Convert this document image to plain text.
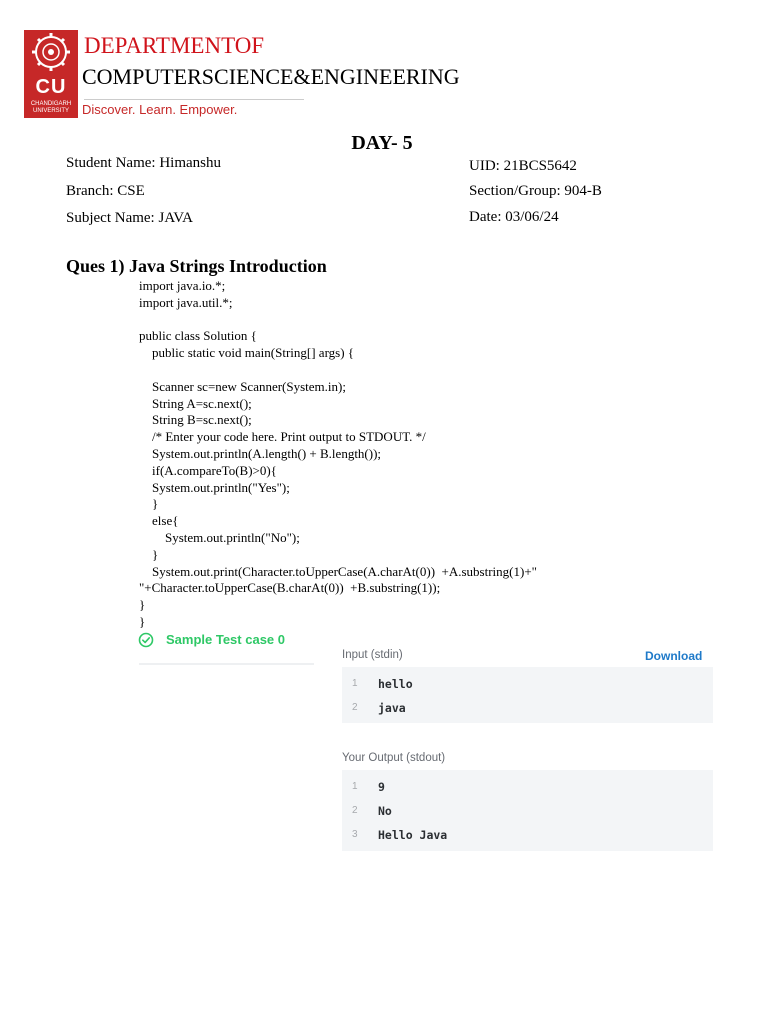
CU
CHANDIGARH UNIVERSITY
DEPARTMENTOF
COMPUTERSCIENCE&ENGINEERING
Discover. Learn. Empower.
DAY- 5
Student Name: Himanshu	UID: 21BCS5642
Branch: CSE	Section/Group: 904-B
Subject Name: JAVA	Date: 03/06/24
Ques 1) Java Strings Introduction
import java.io.*;
import java.util.*;
public class Solution {
public static void main(String[] args) {
Scanner sc=new Scanner(System.in);
String A=sc.next();
String B=sc.next();
/* Enter your code here. Print output to STDOUT. */
System.out.println(A.length() + B.length());
if(A.compareTo(B)>0){
System.out.println("Yes");
}
else{
System.out.println("No");
}
System.out.print(Character.toUpperCase(A.charAt(0))  +A.substring(1)+"
"+Character.toUpperCase(B.charAt(0))  +B.substring(1));
}
}
Sample Test case 0
Input (stdin)	Download
1	hello
2	java
Your Output (stdout)
1	9
2	No
3	Hello Java
